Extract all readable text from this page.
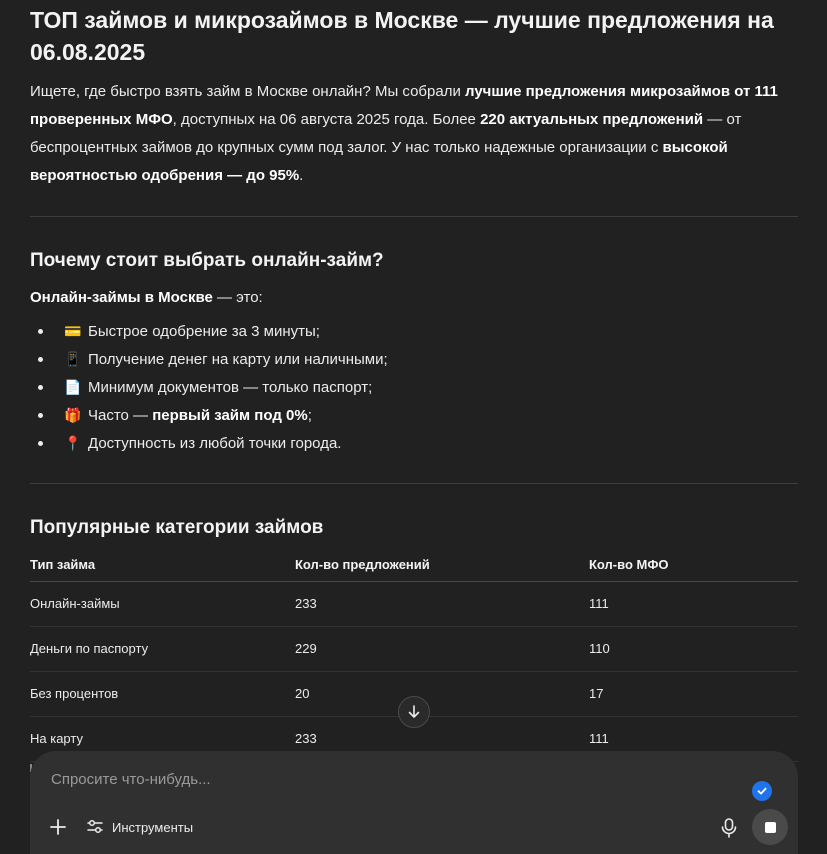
ТОП займов и микрозаймов в Москве — лучшие предложения на 06.08.2025

Ищете, где быстро взять займ в Москве онлайн? Мы собрали лучшие предложения микрозаймов от 111 проверенных МФО, доступных на 06 августа 2025 года. Более 220 актуальных предложений — от беспроцентных займов до крупных сумм под залог. У нас только надежные организации с высокой вероятностью одобрения — до 95%.

Почему стоит выбрать онлайн-займ?

Онлайн-займы в Москве — это:

💳 Быстрое одобрение за 3 минуты;
📱 Получение денег на карту или наличными;
📄 Минимум документов — только паспорт;
🎁 Часто — первый займ под 0%;
📍 Доступность из любой точки города.
Популярные категории займов
Тип займа	Кол-во предложений	Кол-во МФО
Онлайн-займы	233	111
Деньги по паспорту	229	110
Без процентов	20	17
На карту	233	111
Спросите что-нибудь...
Инструменты
